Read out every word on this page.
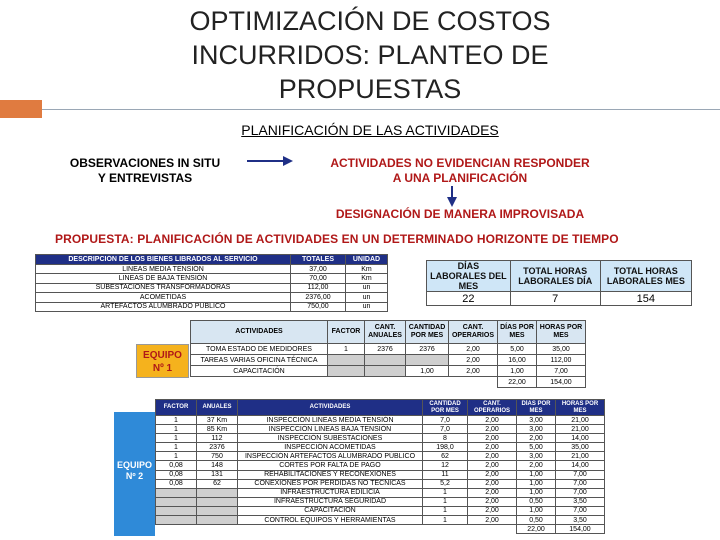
OPTIMIZACIÓN DE COSTOS
INCURRIDOS: PLANTEO DE
PROPUESTAS
PLANIFICACIÓN DE LAS ACTIVIDADES
OBSERVACIONES IN SITU
Y ENTREVISTAS
ACTIVIDADES NO EVIDENCIAN RESPONDER
A UNA PLANIFICACIÓN
DESIGNACIÓN DE MANERA IMPROVISADA
PROPUESTA: PLANIFICACIÓN DE ACTIVIDADES EN UN DETERMINADO HORIZONTE DE TIEMPO
DESCRIPCIÓN DE LOS BIENES LIBRADOS AL SERVICIO	TOTALES	UNIDAD
LINEAS MEDIA TENSIÓN	37,00	Km
LINEAS DE BAJA TENSIÓN	70,00	Km
SUBESTACIONES TRANSFORMADORAS	112,00	un
ACOMETIDAS	2376,00	un
ARTEFACTOS ALUMBRADO PÚBLICO	750,00	un
DÍAS LABORALES DEL MES	TOTAL HORAS LABORALES DÍA	TOTAL HORAS LABORALES MES
22	7	154
EQUIPO
Nº 1
ACTIVIDADES	FACTOR	CANT. ANUALES	CANTIDAD POR MES	CANT. OPERARIOS	DÍAS POR MES	HORAS POR MES
TOMA ESTADO DE MEDIDORES	1	2376	2376	2,00	5,00	35,00
TAREAS VARIAS OFICINA TÉCNICA				2,00	16,00	112,00
CAPACITACIÓN			1,00	2,00	1,00	7,00
					22,00	154,00
EQUIPO
Nº 2
FACTOR	ANUALES	ACTIVIDADES	CANTIDAD POR MES	CANT. OPERARIOS	DÍAS POR MES	HORAS POR MES
1	37 Km	INSPECCIÓN LINEAS MEDIA TENSIÓN	7,0	2,00	3,00	21,00
1	85 Km	INSPECCIÓN LINEAS BAJA TENSIÓN	7,0	2,00	3,00	21,00
1	112	INSPECCIÓN SUBESTACIONES	8	2,00	2,00	14,00
1	2376	INSPECCIÓN ACOMETIDAS	198,0	2,00	5,00	35,00
1	750	INSPECCIÓN ARTEFACTOS ALUMBRADO PÚBLICO	62	2,00	3,00	21,00
0,08	148	CORTES POR FALTA DE PAGO	12	2,00	2,00	14,00
0,08	131	REHABILITACIONES Y RECONEXIONES	11	2,00	1,00	7,00
0,08	62	CONEXIONES POR PÉRDIDAS NO TÉCNICAS	5,2	2,00	1,00	7,00
		INFRAESTRUCTURA EDILICIA	1	2,00	1,00	7,00
		INFRAESTRUCTURA SEGURIDAD	1	2,00	0,50	3,50
		CAPACITACIÓN	1	2,00	1,00	7,00
		CONTROL EQUIPOS Y HERRAMIENTAS	1	2,00	0,50	3,50
					22,00	154,00
